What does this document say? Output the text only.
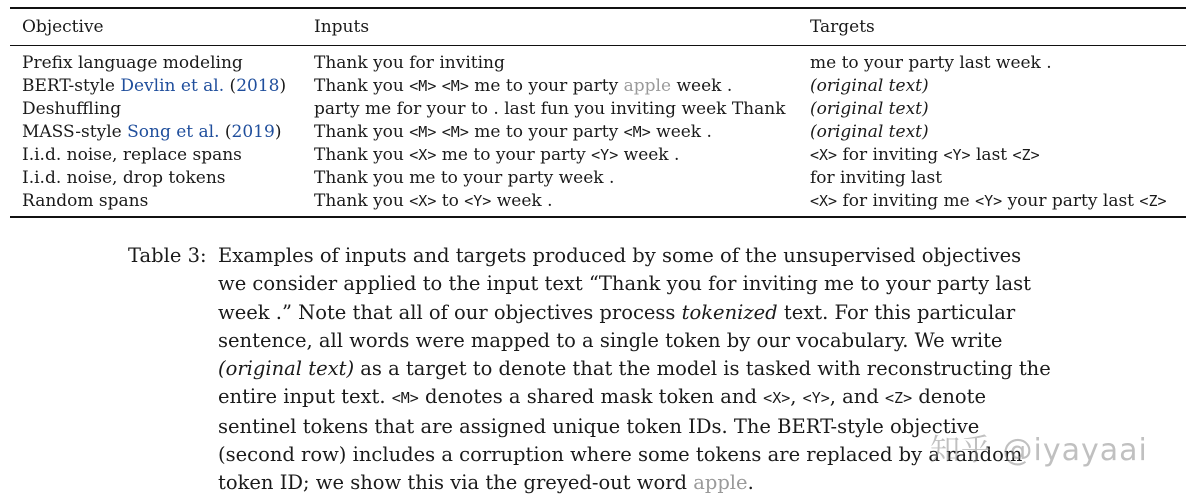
Objective	Inputs	Targets
Prefix language modeling	Thank you for inviting	me to your party last week .
BERT-style Devlin et al. (2018)	Thank you <M> <M> me to your party apple week .	(original text)
Deshuffling	party me for your to . last fun you inviting week Thank	(original text)
MASS-style Song et al. (2019)	Thank you <M> <M> me to your party <M> week .	(original text)
I.i.d. noise, replace spans	Thank you <X> me to your party <Y> week .	<X> for inviting <Y> last <Z>
I.i.d. noise, drop tokens	Thank you me to your party week .	for inviting last
Random spans	Thank you <X> to <Y> week .	<X> for inviting me <Y> your party last <Z>
Table 3: Examples of inputs and targets produced by some of the unsupervised objectives

we consider applied to the input text “Thank you for inviting me to your party last

week .” Note that all of our objectives process tokenized text. For this particular

sentence, all words were mapped to a single token by our vocabulary. We write

(original text) as a target to denote that the model is tasked with reconstructing the

entire input text. <M> denotes a shared mask token and <X>, <Y>, and <Z> denote

sentinel tokens that are assigned unique token IDs. The BERT-style objective

(second row) includes a corruption where some tokens are replaced by a random

token ID; we show this via the greyed-out word apple.

知乎 @iyayaai
